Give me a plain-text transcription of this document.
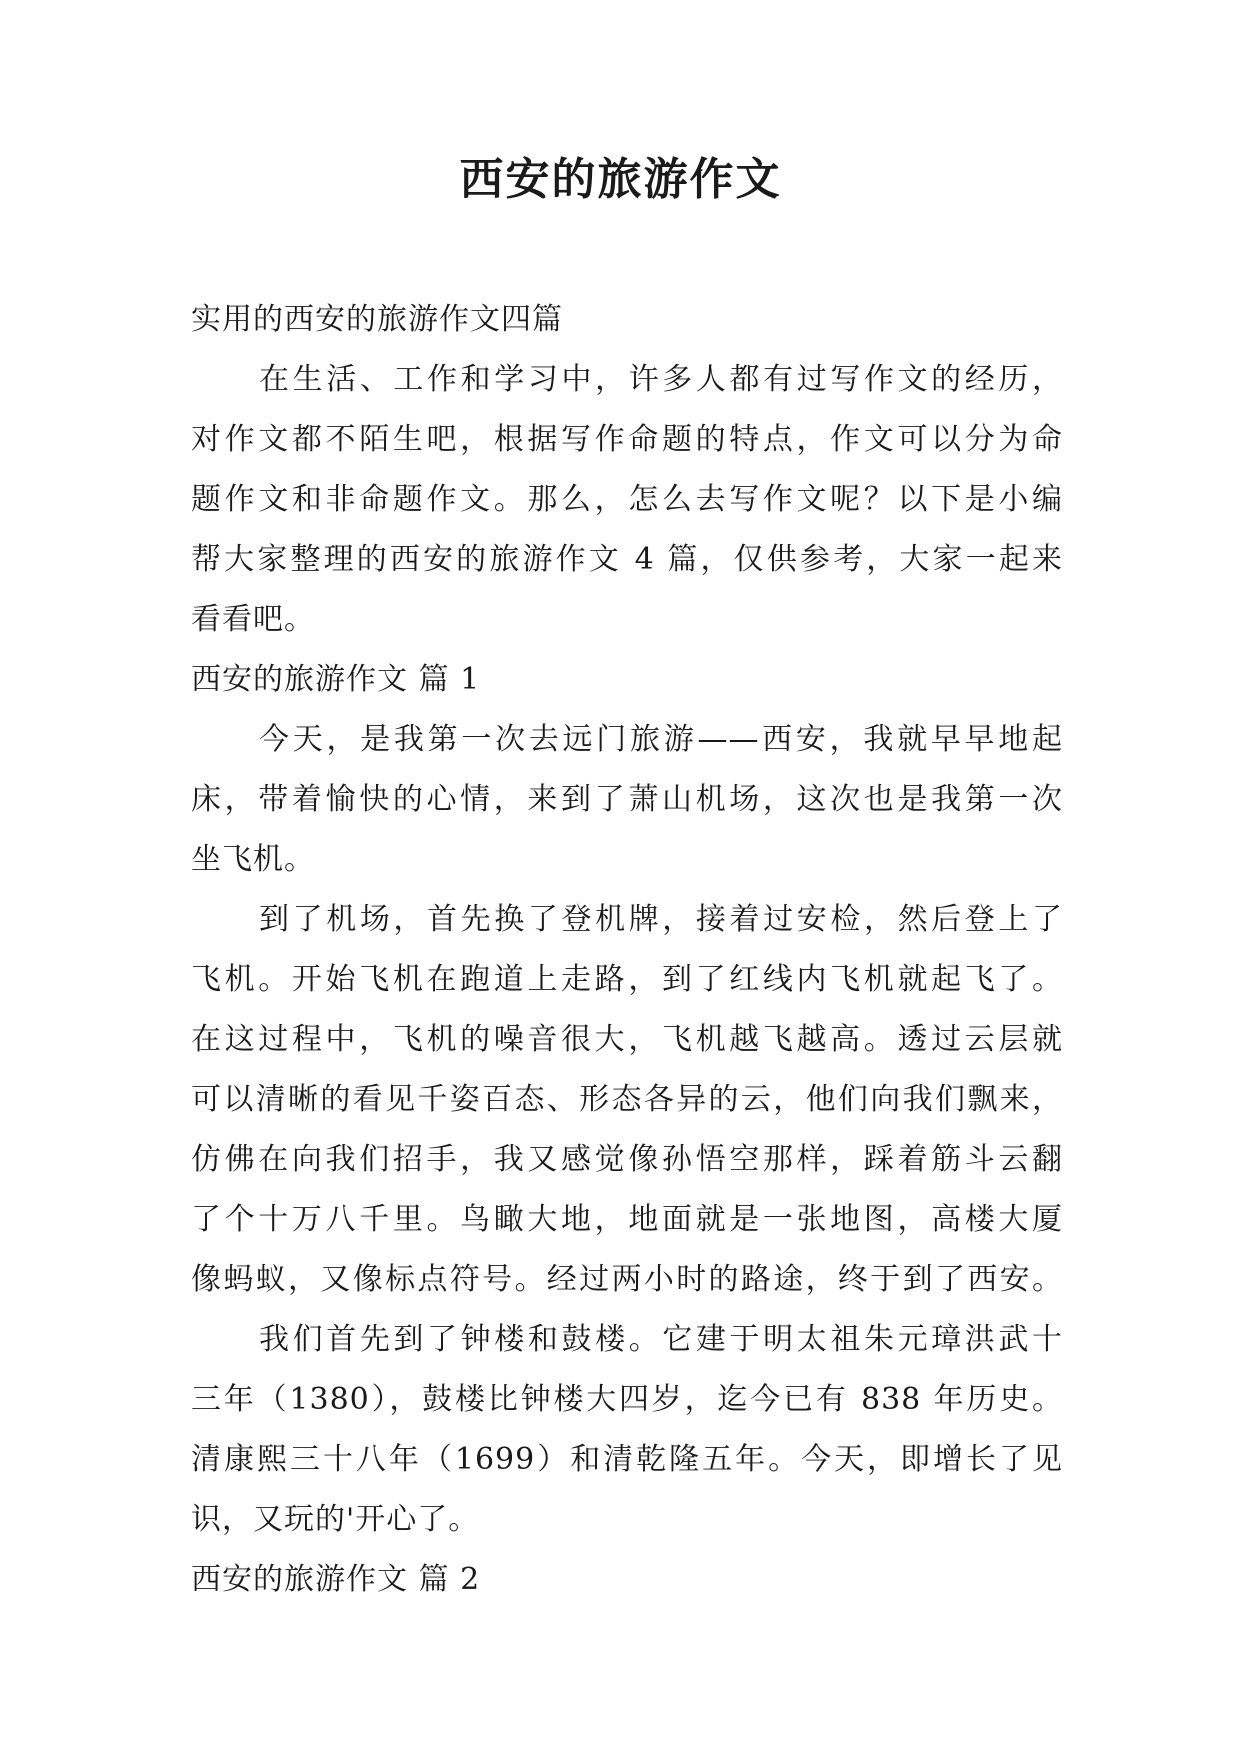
西安的旅游作文

实用的西安的旅游作文四篇

在生活、工作和学习中，许多人都有过写作文的经历，

对作文都不陌生吧，根据写作命题的特点，作文可以分为命

题作文和非命题作文。那么，怎么去写作文呢？以下是小编

帮大家整理的西安的旅游作文 4 篇，仅供参考，大家一起来

看看吧。

西安的旅游作文 篇 1

今天，是我第一次去远门旅游——西安，我就早早地起

床，带着愉快的心情，来到了萧山机场，这次也是我第一次

坐飞机。

到了机场，首先换了登机牌，接着过安检，然后登上了

飞机。开始飞机在跑道上走路，到了红线内飞机就起飞了。

在这过程中，飞机的噪音很大，飞机越飞越高。透过云层就

可以清晰的看见千姿百态、形态各异的云，他们向我们飘来，

仿佛在向我们招手，我又感觉像孙悟空那样，踩着筋斗云翻

了个十万八千里。鸟瞰大地，地面就是一张地图，高楼大厦

像蚂蚁，又像标点符号。经过两小时的路途，终于到了西安。

我们首先到了钟楼和鼓楼。它建于明太祖朱元璋洪武十

三年（1380），鼓楼比钟楼大四岁，迄今已有 838 年历史。

清康熙三十八年（1699）和清乾隆五年。今天，即增长了见

识，又玩的'开心了。

西安的旅游作文 篇 2
